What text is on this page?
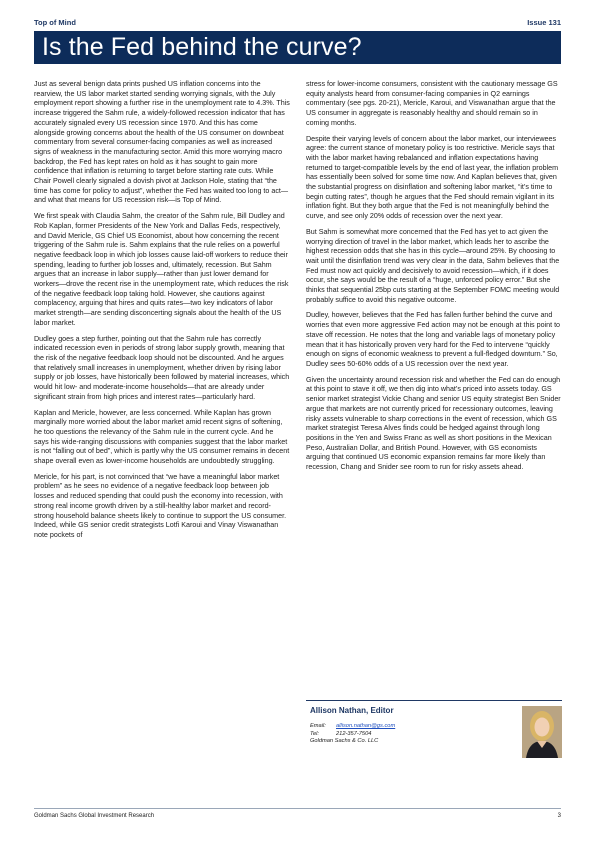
Top of Mind	Issue 131
Is the Fed behind the curve?

Just as several benign data prints pushed US inflation concerns into the rearview, the US labor market started sending worrying signals, with the July employment report showing a further rise in the unemployment rate to 4.3%. This increase triggered the Sahm rule, a widely-followed recession indicator that has accurately signaled every US recession since 1970. And this has come alongside growing concerns about the health of the US consumer on downbeat commentary from several consumer-facing companies as well as increased signs of weakness in the manufacturing sector. Amid this more worrying macro backdrop, the Fed has kept rates on hold as it has sought to gain more confidence that inflation is returning to target before starting rate cuts. While Chair Powell clearly signaled a dovish pivot at Jackson Hole, stating that “the time has come for policy to adjust”, whether the Fed has waited too long to act—and what that means for US recession risk—is Top of Mind.

We first speak with Claudia Sahm, the creator of the Sahm rule, Bill Dudley and Rob Kaplan, former Presidents of the New York and Dallas Feds, respectively, and David Mericle, GS Chief US Economist, about how concerning the recent triggering of the Sahm rule is. Sahm explains that the rule relies on a powerful negative feedback loop in which job losses cause laid-off workers to reduce their spending, leading to further job losses and, ultimately, recession. But Sahm argues that an increase in labor supply—rather than just lower demand for workers—drove the recent rise in the unemployment rate, which reduces the risk of the negative feedback loop taking hold. However, she cautions against complacency, arguing that hires and quits rates—two key indicators of labor market strength—are sending disconcerting signals about the health of the US labor market.

Dudley goes a step further, pointing out that the Sahm rule has correctly indicated recession even in periods of strong labor supply growth, meaning that the risk of the negative feedback loop should not be discounted. And he argues that relatively small increases in unemployment, whether driven by rising labor supply or job losses, have historically been followed by material increases, which would hit low- and moderate-income households—that are already under significant strain from high prices and interest rates—particularly hard.

Kaplan and Mericle, however, are less concerned. While Kaplan has grown marginally more worried about the labor market amid recent signs of softening, he too questions the relevancy of the Sahm rule in the current cycle. And he says his wide-ranging discussions with companies suggest that the labor market is not “falling out of bed”, which is partly why the US consumer remains in decent shape overall even as lower-income households are undoubtedly struggling.

Mericle, for his part, is not convinced that “we have a meaningful labor market problem” as he sees no evidence of a negative feedback loop between job losses and reduced spending that could push the economy into recession, with strong real income growth driven by a still-healthy labor market and record-strong household balance sheets likely to continue to support the US consumer. Indeed, while GS senior credit strategists Lotfi Karoui and Vinay Viswanathan note pockets of

stress for lower-income consumers, consistent with the cautionary message GS equity analysts heard from consumer-facing companies in Q2 earnings commentary (see pgs. 20-21), Mericle, Karoui, and Viswanathan argue that the US consumer in aggregate is reasonably healthy and should remain so in coming months.

Despite their varying levels of concern about the labor market, our interviewees agree: the current stance of monetary policy is too restrictive. Mericle says that with the labor market having rebalanced and inflation expectations having returned to target-compatible levels by the end of last year, the inflation problem has essentially been solved for some time now. And Kaplan believes that, given the substantial progress on disinflation and softening labor market, “it’s time to begin cutting rates”, though he argues that the Fed should remain vigilant in its inflation fight. But they both argue that the Fed is not meaningfully behind the curve, and see only 20% odds of recession over the next year.

But Sahm is somewhat more concerned that the Fed has yet to act given the worrying direction of travel in the labor market, which leads her to ascribe the highest recession odds that she has in this cycle—around 25%. By choosing to wait until the disinflation trend was very clear in the data, Sahm believes that the Fed must now act quickly and decisively to avoid recession—which, if it does occur, she says would be the result of a “huge, unforced policy error.” But she thinks that sequential 25bp cuts starting at the September FOMC meeting would probably suffice to avoid this negative outcome.

Dudley, however, believes that the Fed has fallen further behind the curve and worries that even more aggressive Fed action may not be enough at this point to stave off recession. He notes that the long and variable lags of monetary policy mean that it has historically proven very hard for the Fed to intervene “quickly enough on signs of economic weakness to prevent a full-fledged downturn.” So, Dudley sees 50-60% odds of a US recession over the next year.

Given the uncertainty around recession risk and whether the Fed can do enough at this point to stave it off, we then dig into what’s priced into assets today. GS senior market strategist Vickie Chang and senior US equity strategist Ben Snider argue that markets are not currently priced for recessionary outcomes, leaving risky assets vulnerable to sharp corrections in the event of recession, which GS market strategist Teresa Alves finds could be hedged against through long positions in the Yen and Swiss Franc as well as short positions in the Mexican Peso, Australian Dollar, and British Pound. However, with GS economists arguing that continued US economic expansion remains far more likely than recession, Chang and Snider see room to run for risky assets ahead.

Allison Nathan, Editor
Email: allison.nathan@gs.com
Tel:	212-357-7504
Goldman Sachs & Co. LLC
Goldman Sachs Global Investment Research	3
